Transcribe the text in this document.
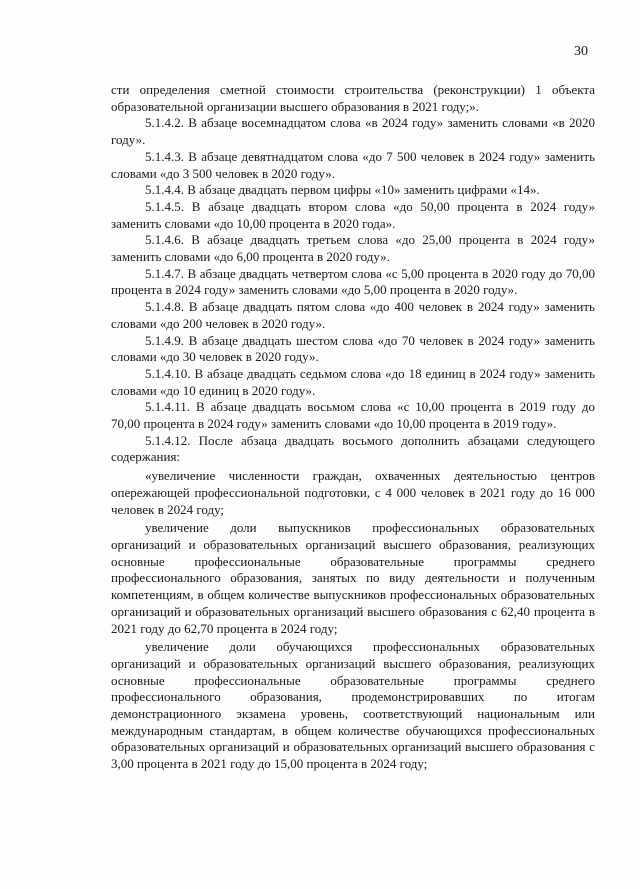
30

сти определения сметной стоимости строительства (реконструкции) 1 объекта образовательной организации высшего образования в 2021 году;».

5.1.4.2. В абзаце восемнадцатом слова «в 2024 году» заменить словами «в 2020 году».

5.1.4.3. В абзаце девятнадцатом слова «до 7 500 человек в 2024 году» заменить словами «до 3 500 человек в 2020 году».

5.1.4.4. В абзаце двадцать первом цифры «10» заменить цифрами «14».

5.1.4.5. В абзаце двадцать втором слова «до 50,00 процента в 2024 году» заменить словами «до 10,00 процента в 2020 года».

5.1.4.6. В абзаце двадцать третьем слова «до 25,00 процента в 2024 году» заменить словами «до 6,00 процента в 2020 году».

5.1.4.7. В абзаце двадцать четвертом слова «с 5,00 процента в 2020 году до 70,00 процента в 2024 году» заменить словами «до 5,00 процента в 2020 году».

5.1.4.8. В абзаце двадцать пятом слова «до 400 человек в 2024 году» заменить словами «до 200 человек в 2020 году».

5.1.4.9. В абзаце двадцать шестом слова «до 70 человек в 2024 году» заменить словами «до 30 человек в 2020 году».

5.1.4.10. В абзаце двадцать седьмом слова «до 18 единиц в 2024 году» заменить словами «до 10 единиц в 2020 году».

5.1.4.11. В абзаце двадцать восьмом слова «с 10,00 процента в 2019 году до 70,00 процента в 2024 году» заменить словами «до 10,00 процента в 2019 году».

5.1.4.12. После абзаца двадцать восьмого дополнить абзацами следующего содержания:

«увеличение численности граждан, охваченных деятельностью центров опережающей профессиональной подготовки, с 4 000 человек в 2021 году до 16 000 человек в 2024 году;

увеличение доли выпускников профессиональных образовательных организаций и образовательных организаций высшего образования, реализующих основные профессиональные образовательные программы среднего профессионального образования, занятых по виду деятельности и полученным компетенциям, в общем количестве выпускников профессиональных образовательных организаций и образовательных организаций высшего образования с 62,40 процента в 2021 году до 62,70 процента в 2024 году;

увеличение доли обучающихся профессиональных образовательных организаций и образовательных организаций высшего образования, реализующих основные профессиональные образовательные программы среднего профессионального образования, продемонстрировавших по итогам демонстрационного экзамена уровень, соответствующий национальным или международным стандартам, в общем количестве обучающихся профессиональных образовательных организаций и образовательных организаций высшего образования с 3,00 процента в 2021 году до 15,00 процента в 2024 году;
